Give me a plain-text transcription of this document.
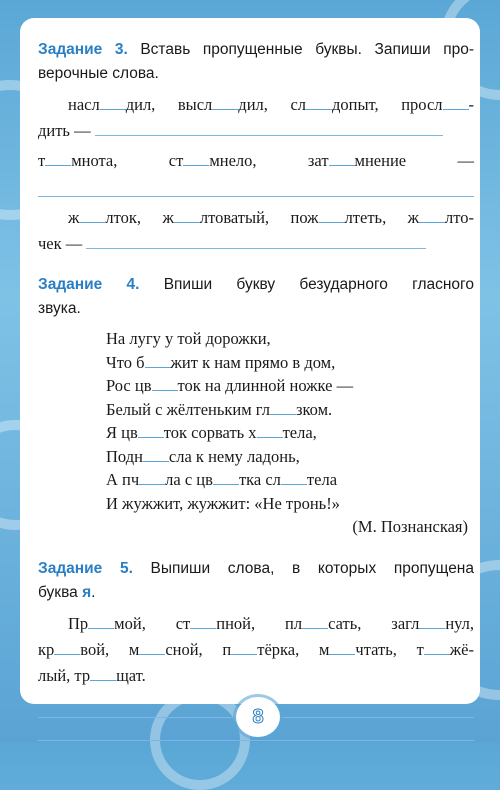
Задание 3. Вставь пропущенные буквы. Запиши про-

верочные слова.

насл дил, высл дил, сл допыт, просл -

дить —

т мнота,	ст мнело,	зат мнение	—

ж лток, ж лтоватый, пож лтеть, ж лто-

чек —

Задание 4. Впиши букву безударного гласного

звука.

На лугу у той дорожки,

Что б жит к нам прямо в дом,

Рос цв ток на длинной ножке —

Белый с жёлтеньким гл зком.

Я цв ток сорвать х тела,

Подн сла к нему ладонь,

А пч ла с цв тка сл тела

И жужжит, жужжит: «Не тронь!»

(М. Познанская)

Задание 5. Выпиши слова, в которых пропущена

буква я.

Пр мой, ст пной, пл сать, загл нул,

кр вой, м сной, п тёрка, м чтать, т жё-

лый, тр щат.

8
